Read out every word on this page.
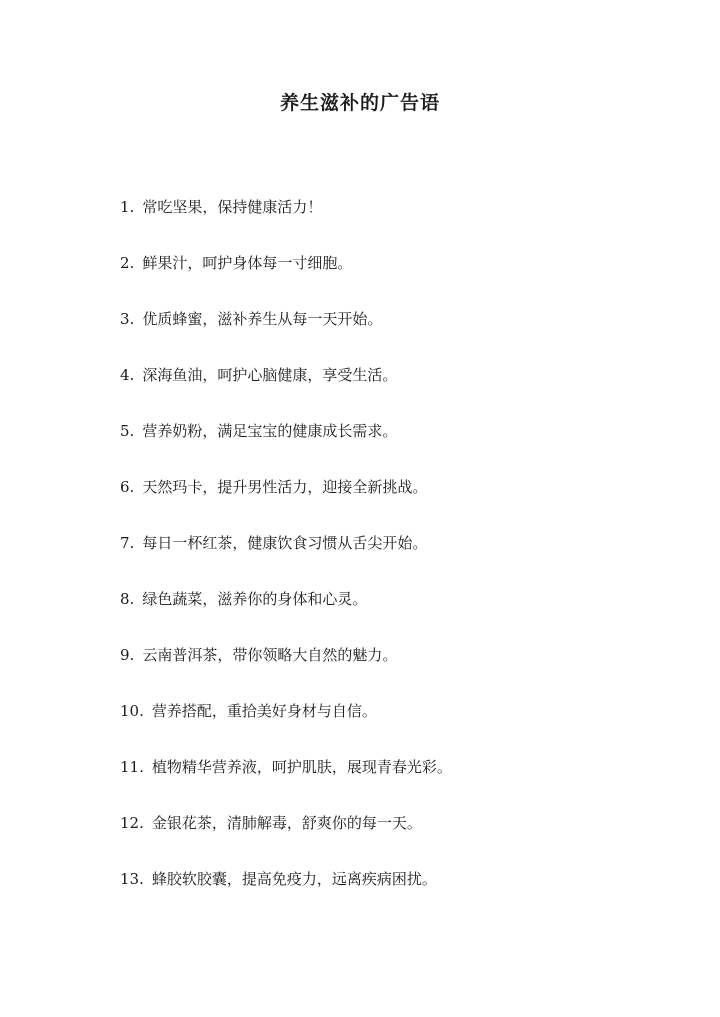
养生滋补的广告语
1. 常吃坚果，保持健康活力！
2. 鲜果汁，呵护身体每一寸细胞。
3. 优质蜂蜜，滋补养生从每一天开始。
4. 深海鱼油，呵护心脑健康，享受生活。
5. 营养奶粉，满足宝宝的健康成长需求。
6. 天然玛卡，提升男性活力，迎接全新挑战。
7. 每日一杯红茶，健康饮食习惯从舌尖开始。
8. 绿色蔬菜，滋养你的身体和心灵。
9. 云南普洱茶，带你领略大自然的魅力。
10. 营养搭配，重拾美好身材与自信。
11. 植物精华营养液，呵护肌肤，展现青春光彩。
12. 金银花茶，清肺解毒，舒爽你的每一天。
13. 蜂胶软胶囊，提高免疫力，远离疾病困扰。
